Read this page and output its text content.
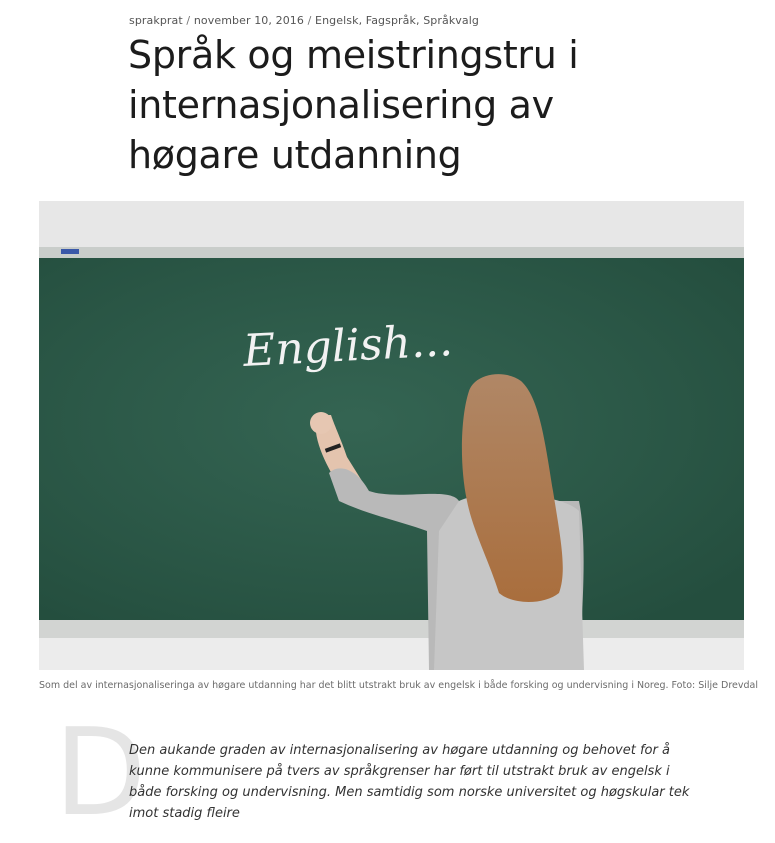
sprakprat / november 10, 2016 / Engelsk, Fagspråk, Språkvalg
Språk og meistringstru i internasjonalisering av høgare utdanning
English...
Som del av internasjonaliseringa av høgare utdanning har det blitt utstrakt bruk av engelsk i både forsking og undervisning i Noreg. Foto: Silje Drevdal
D

Den aukande graden av internasjonalisering av høgare utdanning og behovet for å kunne kommunisere på tvers av språkgrenser har ført til utstrakt bruk av engelsk i både forsking og undervisning. Men samtidig som norske universitet og høgskular tek imot stadig fleire
